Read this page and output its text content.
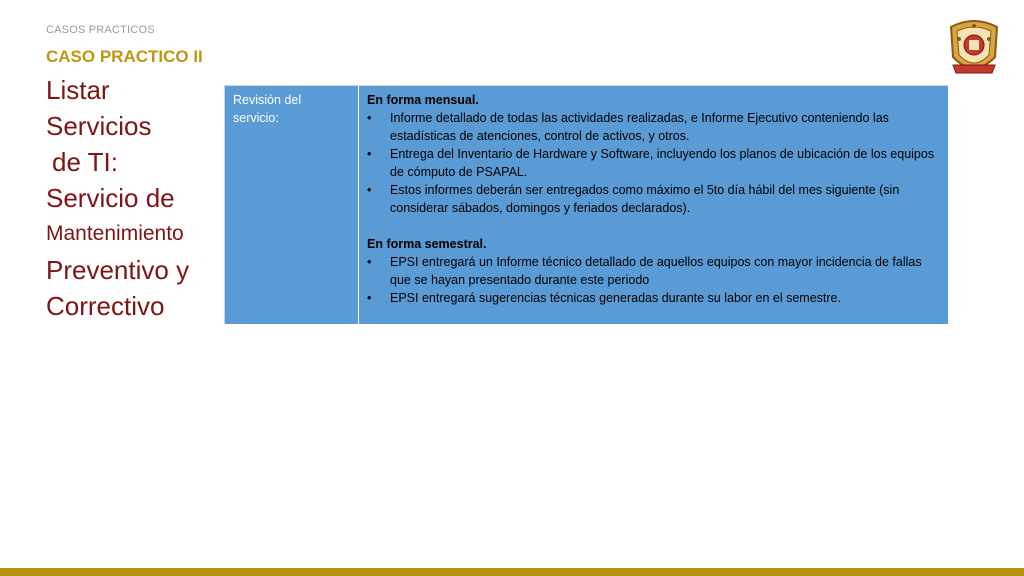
CASOS PRACTICOS
CASO PRACTICO II
Listar
Servicios
de TI:
Servicio de
Mantenimiento
Preventivo y
Correctivo
Revisión del servicio:

En forma mensual.

• Informe detallado de todas las actividades realizadas, e Informe Ejecutivo conteniendo las estadísticas de atenciones, control de activos, y otros.
• Entrega del Inventario de Hardware y Software, incluyendo los planos de ubicación de los equipos de cómputo de PSAPAL.
• Estos informes deberán ser entregados como máximo el 5to día hábil del mes siguiente (sin considerar sábados, domingos y feriados declarados).

En forma semestral.

• EPSI entregará un Informe técnico detallado de aquellos equipos con mayor incidencia de fallas que se hayan presentado durante este periodo
• EPSI entregará sugerencias técnicas generadas durante su labor en el semestre.
